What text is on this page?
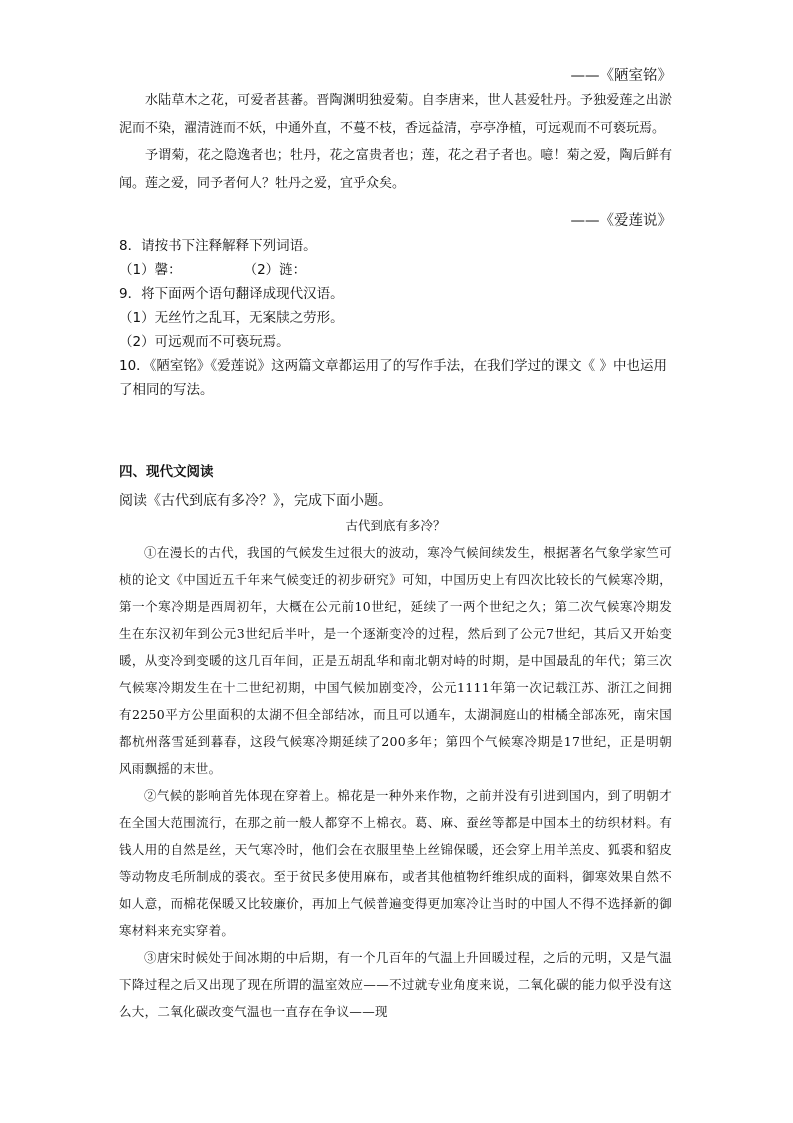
——《陋室铭》

水陆草木之花，可爱者甚蕃。晋陶渊明独爱菊。自李唐来，世人甚爱牡丹。予独爱莲之出淤泥而不染，濯清涟而不妖，中通外直，不蔓不枝，香远益清，亭亭净植，可远观而不可亵玩焉。

予谓菊，花之隐逸者也；牡丹，花之富贵者也；莲，花之君子者也。噫！菊之爱，陶后鲜有闻。莲之爱，同予者何人？牡丹之爱，宜乎众矣。

——《爱莲说》
8．请按书下注释解释下列词语。
（1）馨：	（2）涟：
9．将下面两个语句翻译成现代汉语。
（1）无丝竹之乱耳，无案牍之劳形。
（2）可远观而不可亵玩焉。
10．《陋室铭》《爱莲说》这两篇文章都运用了的写作手法，在我们学过的课文《 》中也运用了相同的写法。
四、现代文阅读
阅读《古代到底有多冷？》，完成下面小题。
古代到底有多冷？

①在漫长的古代，我国的气候发生过很大的波动，寒冷气候间续发生，根据著名气象学家竺可桢的论文《中国近五千年来气候变迁的初步研究》可知，中国历史上有四次比较长的气候寒冷期，第一个寒冷期是西周初年，大概在公元前10世纪，延续了一两个世纪之久；第二次气候寒冷期发生在东汉初年到公元3世纪后半叶，是一个逐渐变冷的过程，然后到了公元7世纪，其后又开始变暖，从变冷到变暖的这几百年间，正是五胡乱华和南北朝对峙的时期，是中国最乱的年代；第三次气候寒冷期发生在十二世纪初期，中国气候加剧变冷，公元1111年第一次记载江苏、浙江之间拥有2250平方公里面积的太湖不但全部结冰，而且可以通车，太湖洞庭山的柑橘全部冻死，南宋国都杭州落雪延到暮春，这段气候寒冷期延续了200多年；第四个气候寒冷期是17世纪，正是明朝风雨飘摇的末世。

②气候的影响首先体现在穿着上。棉花是一种外来作物，之前并没有引进到国内，到了明朝才在全国大范围流行，在那之前一般人都穿不上棉衣。葛、麻、蚕丝等都是中国本土的纺织材料。有钱人用的自然是丝，天气寒冷时，他们会在衣服里垫上丝锦保暖，还会穿上用羊羔皮、狐裘和貂皮等动物皮毛所制成的裘衣。至于贫民多使用麻布，或者其他植物纤维织成的面料，御寒效果自然不如人意，而棉花保暖又比较廉价，再加上气候普遍变得更加寒冷让当时的中国人不得不选择新的御寒材料来充实穿着。

③唐宋时候处于间冰期的中后期，有一个几百年的气温上升回暖过程，之后的元明，又是气温下降过程之后又出现了现在所谓的温室效应——不过就专业角度来说，二氧化碳的能力似乎没有这么大，二氧化碳改变气温也一直存在争议——现
